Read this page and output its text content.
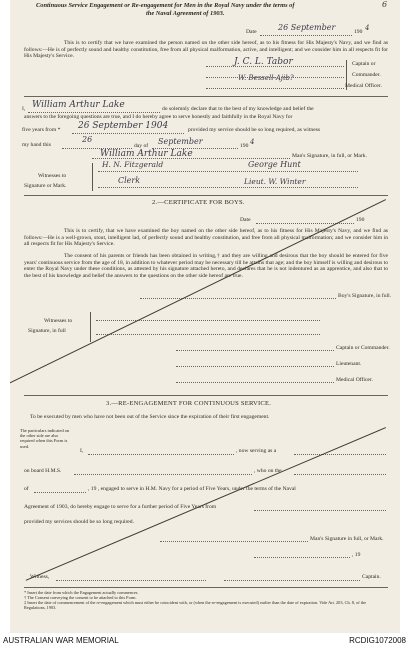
Continuous Service Engagement or Re-engagement for Men in the Royal Navy under the terms of
the Naval Agreement of 1903.
6
Date	26 September	190 4
This is to certify that we have examined the person named on the other side hereof, as to his fitness for His Majesty's Navy, and we find as follows:—He is of perfectly sound and healthy constitution, free from all physical malformation, active, and intelligent; and we consider him in all respects fit for His Majesty's Service.
J. C. L. Tabor
W. Bessell-Ajib?
Captain or
Commander.
Medical Officer.
I, William Arthur Lake	do solemnly declare that to the best of my knowledge and belief the
answers to the foregoing questions are true, and I do hereby agree to serve honestly and faithfully in the Royal Navy for
five years from * 26 September 1904	provided my service should be so long required, as witness
my hand this
26
day of September	190 4
William Arthur Lake	Man's Signature, in full, or Mark.
Witnesses to
Signature or Mark.
H. N. Fitzgerald
Clerk
George Hunt
Lieut. W. Winter
2.—CERTIFICATE FOR BOYS.
Date	190
This is to certify, that we have examined the boy named on the other side hereof, as to his fitness for His Majesty's Navy, and we find as follows:—He is a well-grown, stout, intelligent lad, of perfectly sound and healthy constitution, and free from all physical malformation; and we consider him in all respects fit for His Majesty's Service.
The consent of his parents or friends has been obtained in writing,† and they are willing and desirous that the boy should be entered for five years' continuous service from the age of 18, in addition to whatever period may be necessary till he attains that age; and the boy himself is willing and desirous to enter the Royal Navy under these conditions, as attested by his signature attached hereto, and declares that he is not indentured as an apprentice, and also that to the best of his knowledge and belief the answers to the questions on the other side hereof are true.
Boy's Signature, in full.
Witnesses to
Signature, in full
Captain or Commander.
Lieutenant.
Medical Officer.
3.—RE-ENGAGEMENT FOR CONTINUOUS SERVICE.
To be executed by men who have not been out of the Service since the expiration of their first engagement.
The particulars indicated on the other side are also required when this Form is used.
I,	, now serving as a
on board H.M.S.	, who on the
of	, 19 , engaged to serve in H.M. Navy for a period of Five Years, under the terms of the Naval
Agreement of 1903, do hereby engage to serve for a further period of Five Years from
provided my services should be so long required.
Man's Signature in full, or Mark.
, 19
Witness,	Captain.
* Insert the date from which the Engagement actually commences.
† The Consent conveying the consent to be attached to this Form.
‡ Insert the date of commencement of the re-engagement which must either be coincident with, or (when the re-engagement is executed) earlier than the date of expiration. Vide Art. 203, Ch. 8, of the Regulations, 1903.
AUSTRALIAN WAR MEMORIAL	RCDIG1072008
